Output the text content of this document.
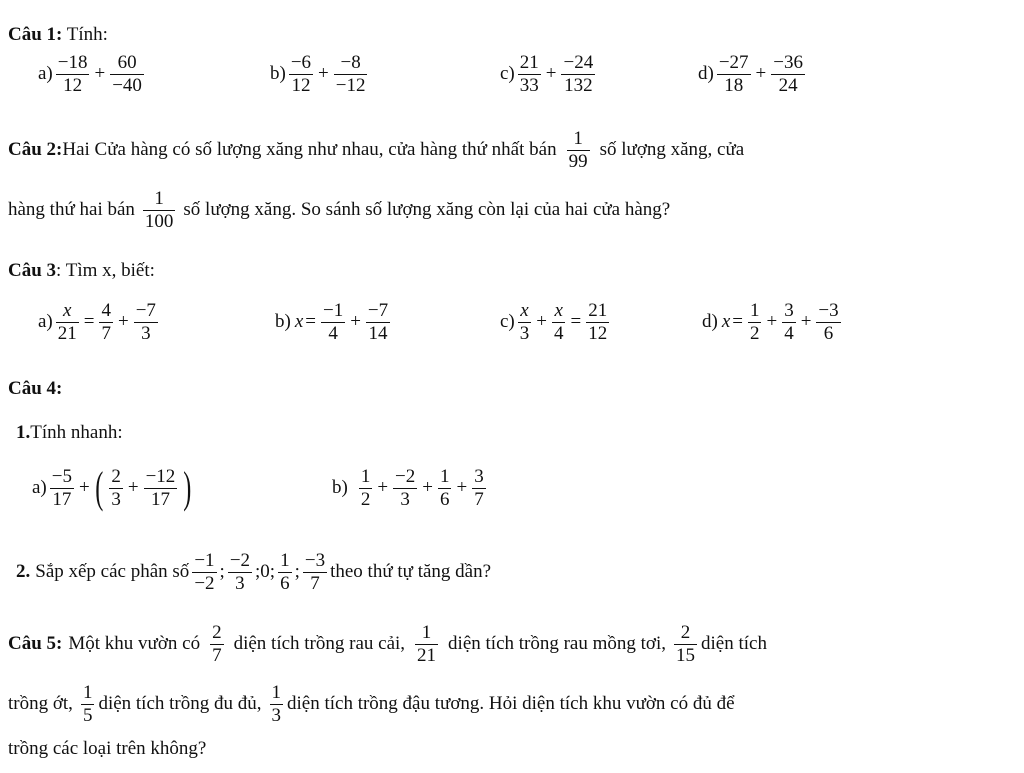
Câu 1: Tính:
$a) \frac{-18}{12} + \frac{60}{-40}$	$b) \frac{-6}{12} + \frac{-8}{-12}$	$c) \frac{21}{33} + \frac{-24}{132}$	$d) \frac{-27}{18} + \frac{-36}{24}$
Câu 2: Hai Cửa hàng có số lượng xăng như nhau, cửa hàng thứ nhất bán $\frac{1}{99}$ số lượng xăng, cửa
hàng thứ hai bán $\frac{1}{100}$ số lượng xăng. So sánh số lượng xăng còn lại của hai cửa hàng?
Câu 3: Tìm x, biết:
$a) \frac{x}{21} = \frac{4}{7} + \frac{-7}{3}$	b) $x = \frac{-1}{4} + \frac{-7}{14}$	$c) \frac{x}{3} + \frac{x}{4} = \frac{21}{12}$	d) $x = \frac{1}{2} + \frac{3}{4} + \frac{-3}{6}$
Câu 4:
1.Tính nhanh:
$a) \frac{-5}{17}$ + ( $\frac{2}{3} + \frac{-12}{17}$ )	$b) \frac{1}{2} + \frac{-2}{3} + \frac{1}{6} + \frac{3}{7}$
2. Sắp xếp các phân số $\frac{-1}{-2}$ ; $\frac{-2}{3}$ ;0; $\frac{1}{6}$ ; $\frac{-3}{7}$ theo thứ tự tăng dần?
Câu 5: Một khu vườn có $\frac{2}{7}$ diện tích trồng rau cải, $\frac{1}{21}$ diện tích trồng rau mồng tơi, $\frac{2}{15}$ diện tích
trồng ớt, $\frac{1}{5}$ diện tích trồng đu đủ, $\frac{1}{3}$ diện tích trồng đậu tương. Hỏi diện tích khu vườn có đủ để
trồng các loại trên không?
